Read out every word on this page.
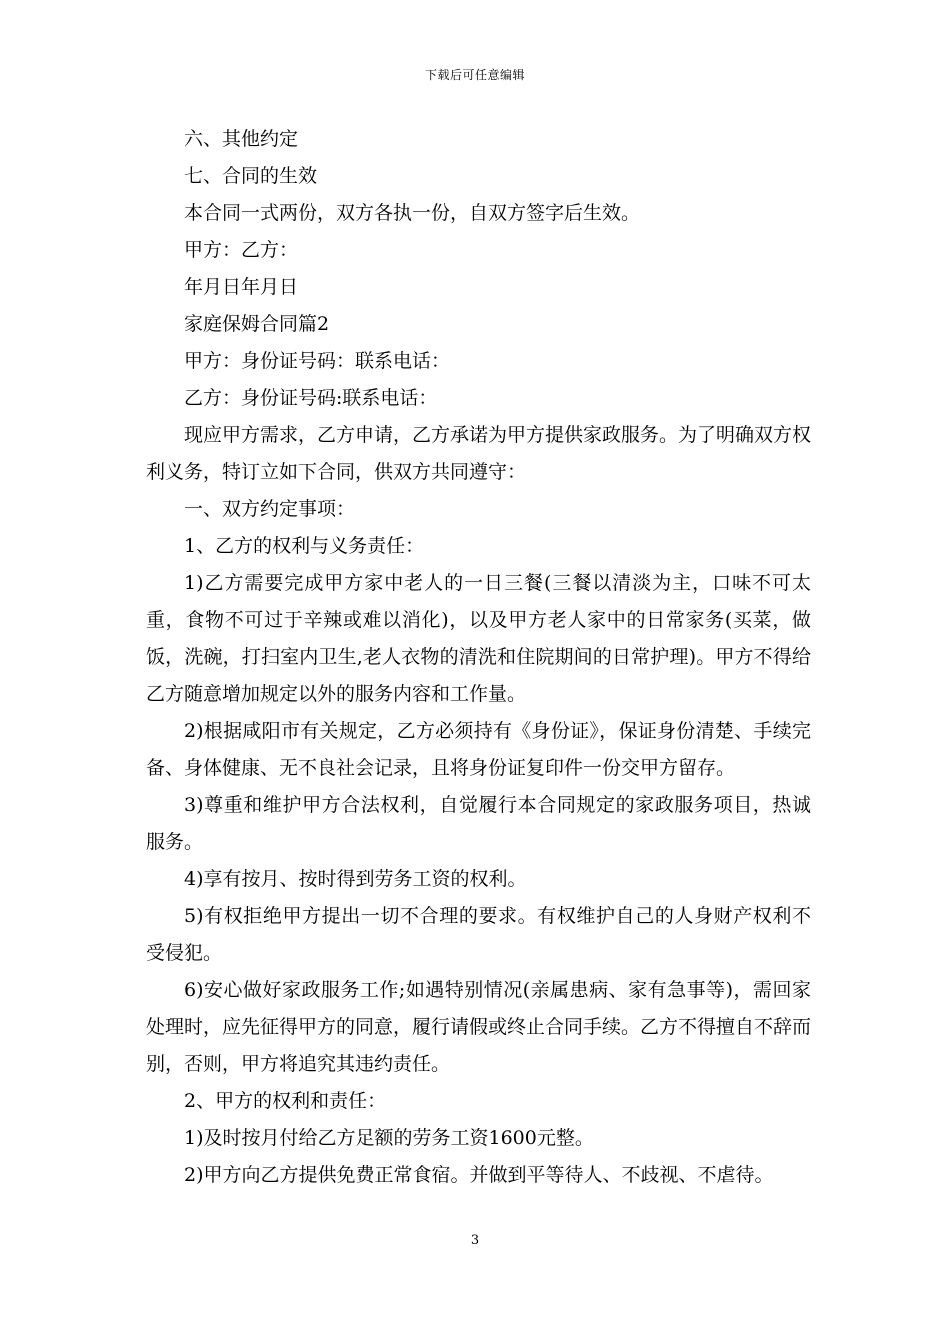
下载后可任意编辑

六、其他约定

七、合同的生效

本合同一式两份，双方各执一份，自双方签字后生效。

甲方：乙方：

年月日年月日

家庭保姆合同篇2

甲方：身份证号码：联系电话：

乙方：身份证号码:联系电话：

现应甲方需求，乙方申请，乙方承诺为甲方提供家政服务。为了明确双方权利义务，特订立如下合同，供双方共同遵守：

一、双方约定事项：

1、乙方的权利与义务责任：

1)乙方需要完成甲方家中老人的一日三餐(三餐以清淡为主，口味不可太重，食物不可过于辛辣或难以消化)，以及甲方老人家中的日常家务(买菜，做饭，洗碗，打扫室内卫生,老人衣物的清洗和住院期间的日常护理)。甲方不得给乙方随意增加规定以外的服务内容和工作量。

2)根据咸阳市有关规定，乙方必须持有《身份证》，保证身份清楚、手续完备、身体健康、无不良社会记录，且将身份证复印件一份交甲方留存。

3)尊重和维护甲方合法权利，自觉履行本合同规定的家政服务项目，热诚服务。

4)享有按月、按时得到劳务工资的权利。

5)有权拒绝甲方提出一切不合理的要求。有权维护自己的人身财产权利不受侵犯。

6)安心做好家政服务工作;如遇特别情况(亲属患病、家有急事等)，需回家处理时，应先征得甲方的同意，履行请假或终止合同手续。乙方不得擅自不辞而别，否则，甲方将追究其违约责任。

2、甲方的权利和责任：

1)及时按月付给乙方足额的劳务工资1600元整。

2)甲方向乙方提供免费正常食宿。并做到平等待人、不歧视、不虐待。

3
